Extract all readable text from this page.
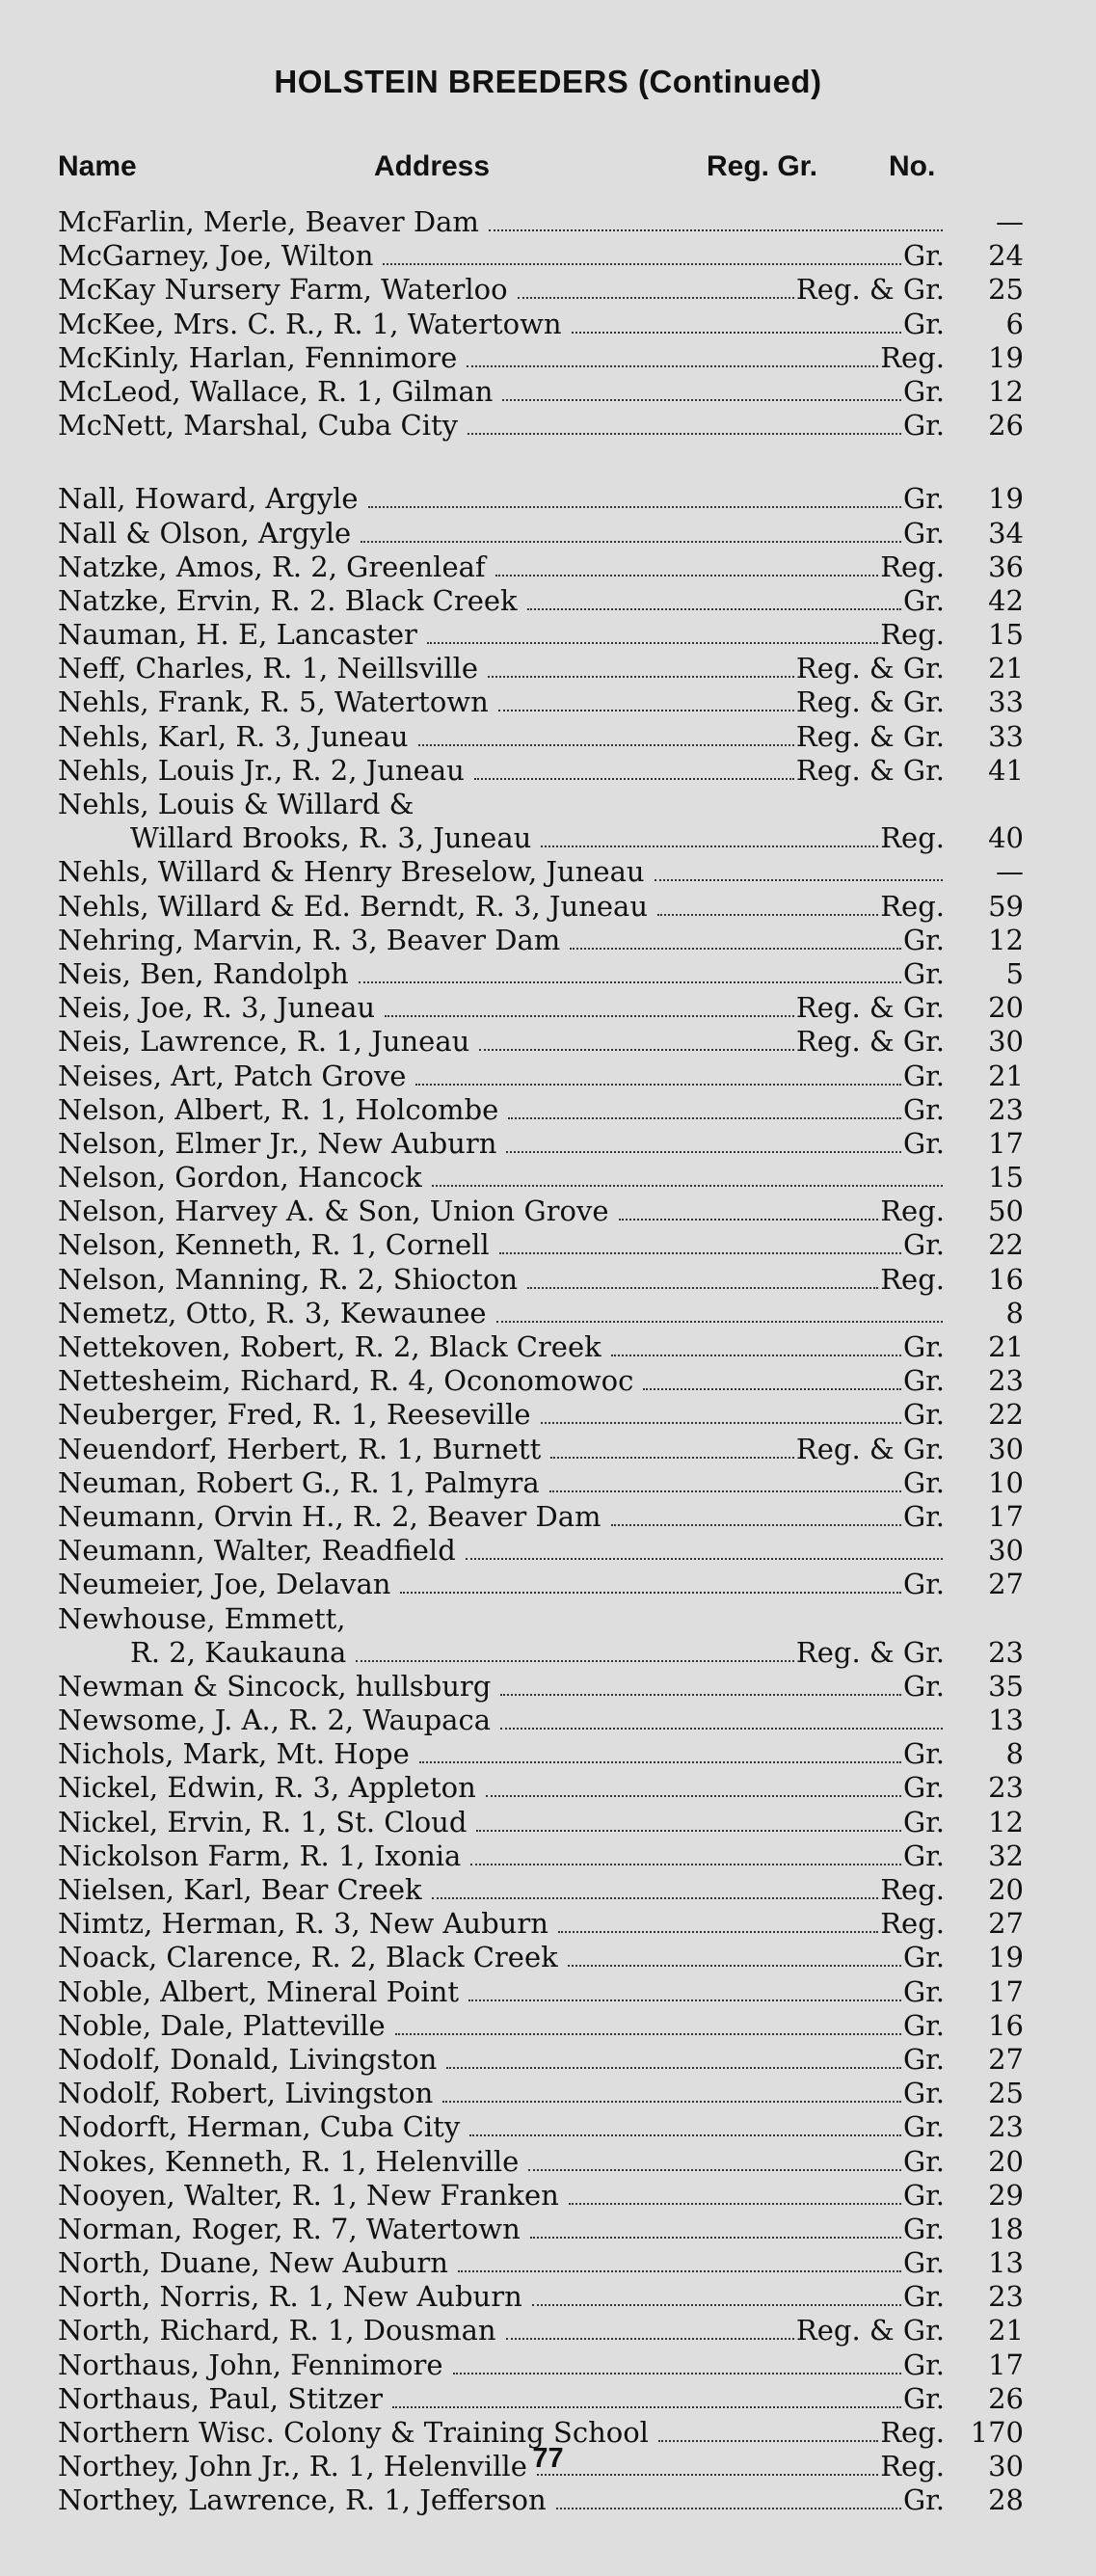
HOLSTEIN BREEDERS (Continued)
Name	Address	Reg. Gr. No.
McFarlin, Merle, Beaver Dam	—
McGarney, Joe, Wilton	Gr.	24
McKay Nursery Farm, Waterloo	Reg. & Gr.	25
McKee, Mrs. C. R., R. 1, Watertown	Gr.	6
McKinly, Harlan, Fennimore	Reg.	19
McLeod, Wallace, R. 1, Gilman	Gr.	12
McNett, Marshal, Cuba City	Gr.	26
Nall, Howard, Argyle	Gr.	19
Nall & Olson, Argyle	Gr.	34
Natzke, Amos, R. 2, Greenleaf	Reg.	36
Natzke, Ervin, R. 2. Black Creek	Gr.	42
Nauman, H. E, Lancaster	Reg.	15
Neff, Charles, R. 1, Neillsville	Reg. & Gr.	21
Nehls, Frank, R. 5, Watertown	Reg. & Gr.	33
Nehls, Karl, R. 3, Juneau	Reg. & Gr.	33
Nehls, Louis Jr., R. 2, Juneau	Reg. & Gr.	41
Nehls, Louis & Willard &
Willard Brooks, R. 3, Juneau	Reg.	40
Nehls, Willard & Henry Breselow, Juneau	—
Nehls, Willard & Ed. Berndt, R. 3, Juneau	Reg.	59
Nehring, Marvin, R. 3, Beaver Dam	Gr.	12
Neis, Ben, Randolph	Gr.	5
Neis, Joe, R. 3, Juneau	Reg. & Gr.	20
Neis, Lawrence, R. 1, Juneau	Reg. & Gr.	30
Neises, Art, Patch Grove	Gr.	21
Nelson, Albert, R. 1, Holcombe	Gr.	23
Nelson, Elmer Jr., New Auburn	Gr.	17
Nelson, Gordon, Hancock	15
Nelson, Harvey A. & Son, Union Grove	Reg.	50
Nelson, Kenneth, R. 1, Cornell	Gr.	22
Nelson, Manning, R. 2, Shiocton	Reg.	16
Nemetz, Otto, R. 3, Kewaunee	8
Nettekoven, Robert, R. 2, Black Creek	Gr.	21
Nettesheim, Richard, R. 4, Oconomowoc	Gr.	23
Neuberger, Fred, R. 1, Reeseville	Gr.	22
Neuendorf, Herbert, R. 1, Burnett	Reg. & Gr.	30
Neuman, Robert G., R. 1, Palmyra	Gr.	10
Neumann, Orvin H., R. 2, Beaver Dam	Gr.	17
Neumann, Walter, Readfield	30
Neumeier, Joe, Delavan	Gr.	27
Newhouse, Emmett,
R. 2, Kaukauna	Reg. & Gr.	23
Newman & Sincock, hullsburg	Gr.	35
Newsome, J. A., R. 2, Waupaca	13
Nichols, Mark, Mt. Hope	Gr.	8
Nickel, Edwin, R. 3, Appleton	Gr.	23
Nickel, Ervin, R. 1, St. Cloud	Gr.	12
Nickolson Farm, R. 1, Ixonia	Gr.	32
Nielsen, Karl, Bear Creek	Reg.	20
Nimtz, Herman, R. 3, New Auburn	Reg.	27
Noack, Clarence, R. 2, Black Creek	Gr.	19
Noble, Albert, Mineral Point	Gr.	17
Noble, Dale, Platteville	Gr.	16
Nodolf, Donald, Livingston	Gr.	27
Nodolf, Robert, Livingston	Gr.	25
Nodorft, Herman, Cuba City	Gr.	23
Nokes, Kenneth, R. 1, Helenville	Gr.	20
Nooyen, Walter, R. 1, New Franken	Gr.	29
Norman, Roger, R. 7, Watertown	Gr.	18
North, Duane, New Auburn	Gr.	13
North, Norris, R. 1, New Auburn	Gr.	23
North, Richard, R. 1, Dousman	Reg. & Gr.	21
Northaus, John, Fennimore	Gr.	17
Northaus, Paul, Stitzer	Gr.	26
Northern Wisc. Colony & Training School	Reg. 170
Northey, John Jr., R. 1, Helenville	Reg.	30
Northey, Lawrence, R. 1, Jefferson	Gr.	28
77
